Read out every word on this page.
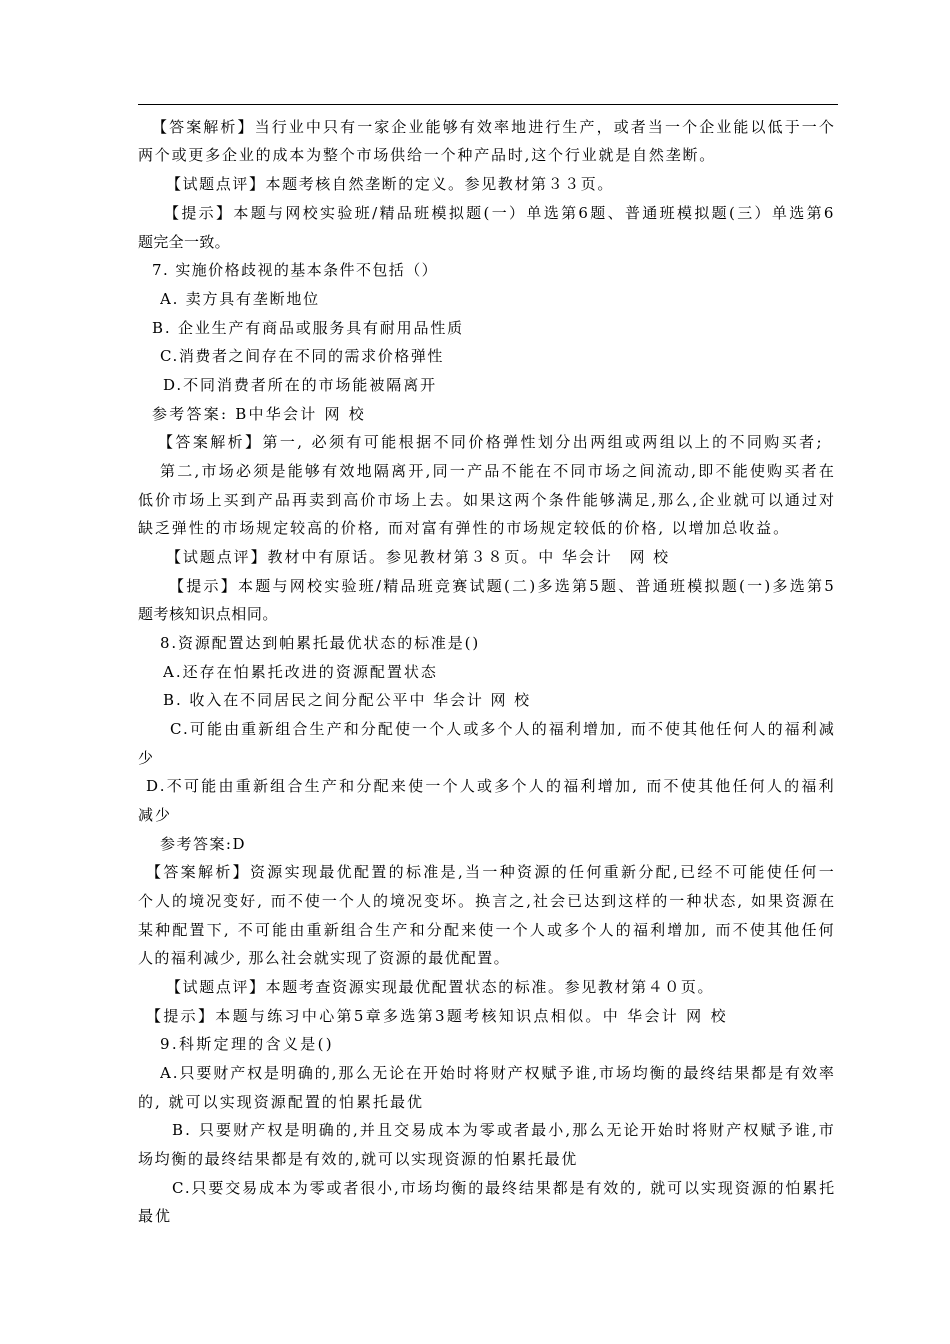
【答案解析】当行业中只有一家企业能够有效率地进行生产，或者当一个企业能以低于一个
两个或更多企业的成本为整个市场供给一个种产品时,这个行业就是自然垄断。
【试题点评】本题考核自然垄断的定义。参见教材第３３页。
【提示】本题与网校实验班/精品班模拟题(一）单选第6题、普通班模拟题(三）单选第6
题完全一致。
7. 实施价格歧视的基本条件不包括（）
A. 卖方具有垄断地位
B. 企业生产有商品或服务具有耐用品性质
C.消费者之间存在不同的需求价格弹性
D.不同消费者所在的市场能被隔离开
参考答案: B中华会计 网 校
【答案解析】第一, 必须有可能根据不同价格弹性划分出两组或两组以上的不同购买者;
第二,市场必须是能够有效地隔离开,同一产品不能在不同市场之间流动,即不能使购买者在
低价市场上买到产品再卖到高价市场上去。如果这两个条件能够满足,那么,企业就可以通过对
缺乏弹性的市场规定较高的价格, 而对富有弹性的市场规定较低的价格, 以增加总收益。
【试题点评】教材中有原话。参见教材第３８页。中 华会计　网 校
【提示】本题与网校实验班/精品班竞赛试题(二)多选第5题、普通班模拟题(一)多选第5
题考核知识点相同。
8.资源配置达到帕累托最优状态的标准是()
A.还存在怕累托改进的资源配置状态
B. 收入在不同居民之间分配公平中 华会计 网 校
C.可能由重新组合生产和分配使一个人或多个人的福利增加, 而不使其他任何人的福利减
少
D.不可能由重新组合生产和分配来使一个人或多个人的福利增加, 而不使其他任何人的福利
减少
参考答案:D
【答案解析】资源实现最优配置的标准是,当一种资源的任何重新分配,已经不可能使任何一
个人的境况变好, 而不使一个人的境况变坏。换言之,社会已达到这样的一种状态, 如果资源在
某种配置下, 不可能由重新组合生产和分配来使一个人或多个人的福利增加, 而不使其他任何
人的福利减少, 那么社会就实现了资源的最优配置。
【试题点评】本题考查资源实现最优配置状态的标准。参见教材第４０页。
【提示】本题与练习中心第5章多选第3题考核知识点相似。中 华会计 网 校
9.科斯定理的含义是()
A.只要财产权是明确的,那么无论在开始时将财产权赋予谁,市场均衡的最终结果都是有效率
的, 就可以实现资源配置的怕累托最优
B. 只要财产权是明确的,并且交易成本为零或者最小,那么无论开始时将财产权赋予谁,市
场均衡的最终结果都是有效的,就可以实现资源的怕累托最优
C.只要交易成本为零或者很小,市场均衡的最终结果都是有效的, 就可以实现资源的怕累托
最优
